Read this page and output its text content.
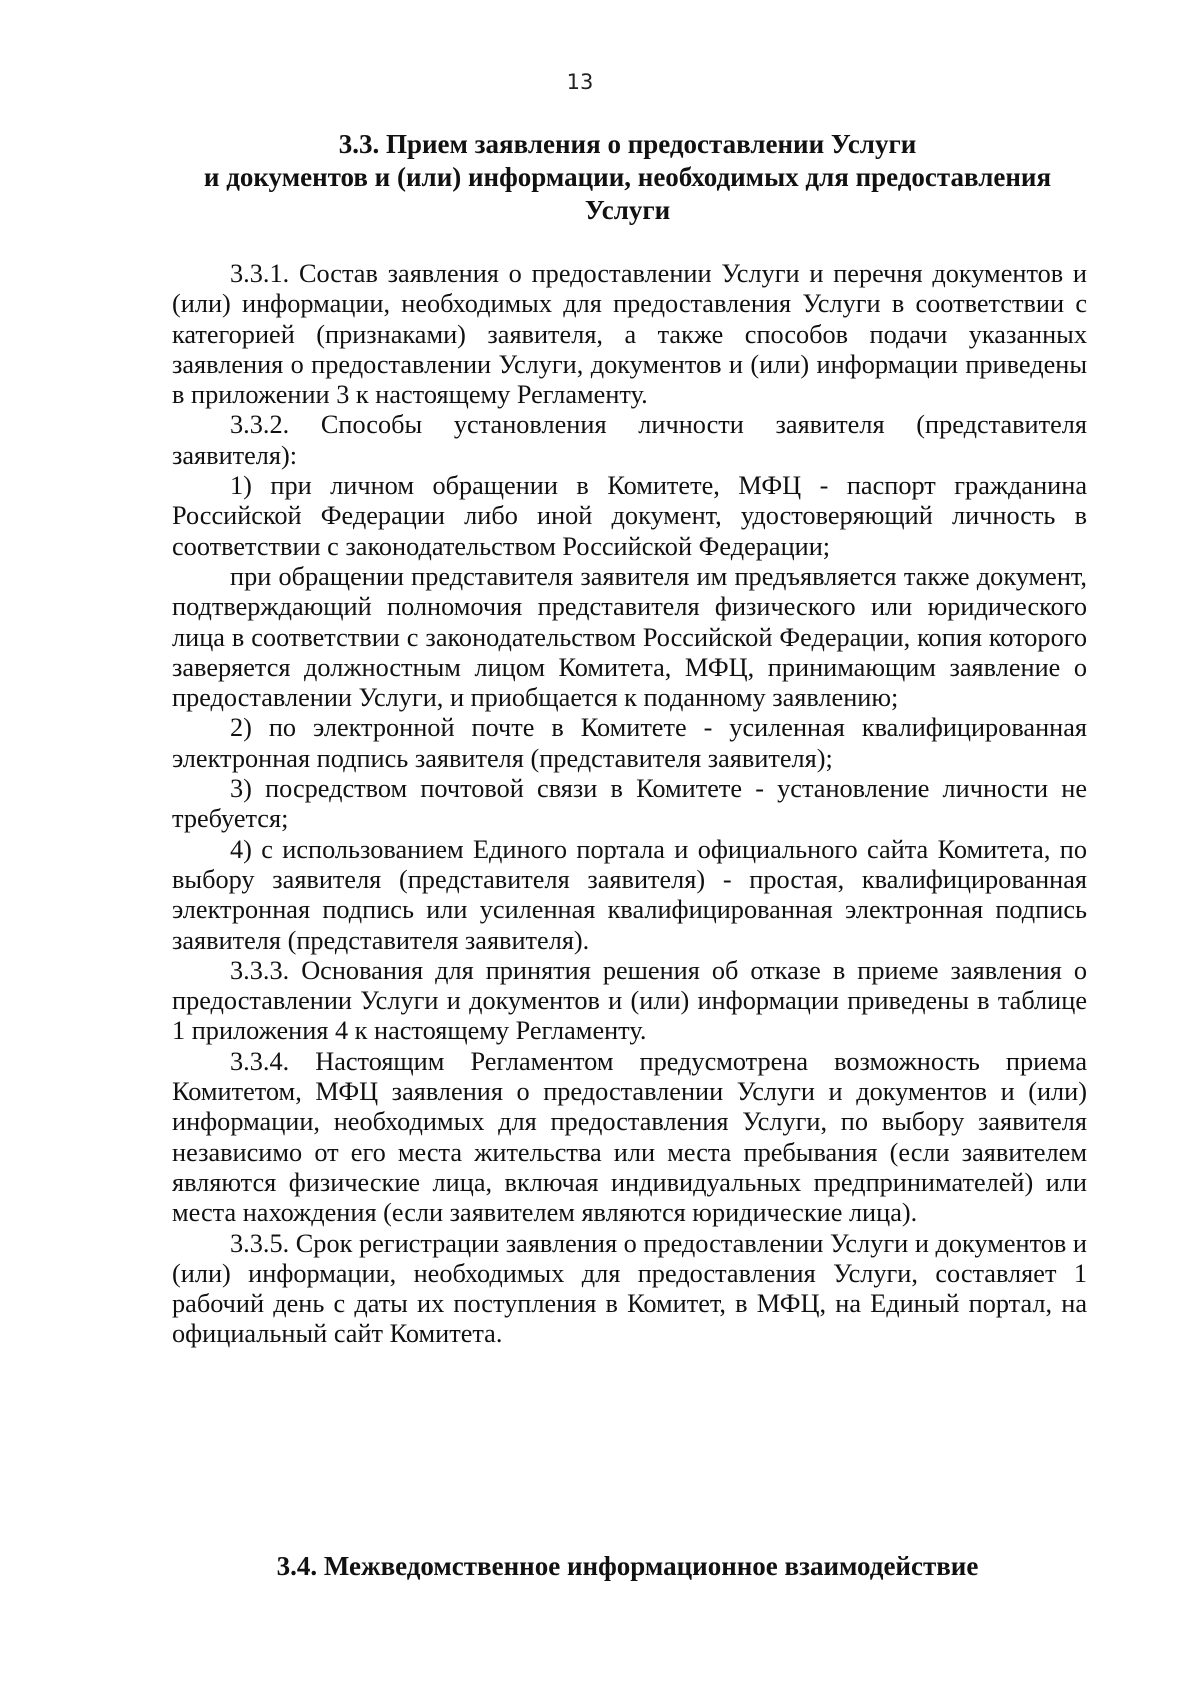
13
3.3. Прием заявления о предоставлении Услуги
и документов и (или) информации, необходимых для предоставления
Услуги

3.3.1. Состав заявления о предоставлении Услуги и перечня документов и (или) информации, необходимых для предоставления Услуги в соответствии с категорией (признаками) заявителя, а также способов подачи указанных заявления о предоставлении Услуги, документов и (или) информации приведены в приложении 3 к настоящему Регламенту.

3.3.2. Способы установления личности заявителя (представителя заявителя):

1) при личном обращении в Комитете, МФЦ - паспорт гражданина Российской Федерации либо иной документ, удостоверяющий личность в соответствии с законодательством Российской Федерации;

при обращении представителя заявителя им предъявляется также документ, подтверждающий полномочия представителя физического или юридического лица в соответствии с законодательством Российской Федерации, копия которого заверяется должностным лицом Комитета, МФЦ, принимающим заявление о предоставлении Услуги, и приобщается к поданному заявлению;

2) по электронной почте в Комитете - усиленная квалифицированная электронная подпись заявителя (представителя заявителя);

3) посредством почтовой связи в Комитете - установление личности не требуется;

4) с использованием Единого портала и официального сайта Комитета, по выбору заявителя (представителя заявителя) - простая, квалифицированная электронная подпись или усиленная квалифицированная электронная подпись заявителя (представителя заявителя).

3.3.3. Основания для принятия решения об отказе в приеме заявления о предоставлении Услуги и документов и (или) информации приведены в таблице 1 приложения 4 к настоящему Регламенту.

3.3.4. Настоящим Регламентом предусмотрена возможность приема Комитетом, МФЦ заявления о предоставлении Услуги и документов и (или) информации, необходимых для предоставления Услуги, по выбору заявителя независимо от его места жительства или места пребывания (если заявителем являются физические лица, включая индивидуальных предпринимателей) или места нахождения (если заявителем являются юридические лица).

3.3.5. Срок регистрации заявления о предоставлении Услуги и документов и (или) информации, необходимых для предоставления Услуги, составляет 1 рабочий день с даты их поступления в Комитет, в МФЦ, на Единый портал, на официальный сайт Комитета.

3.4. Межведомственное информационное взаимодействие
